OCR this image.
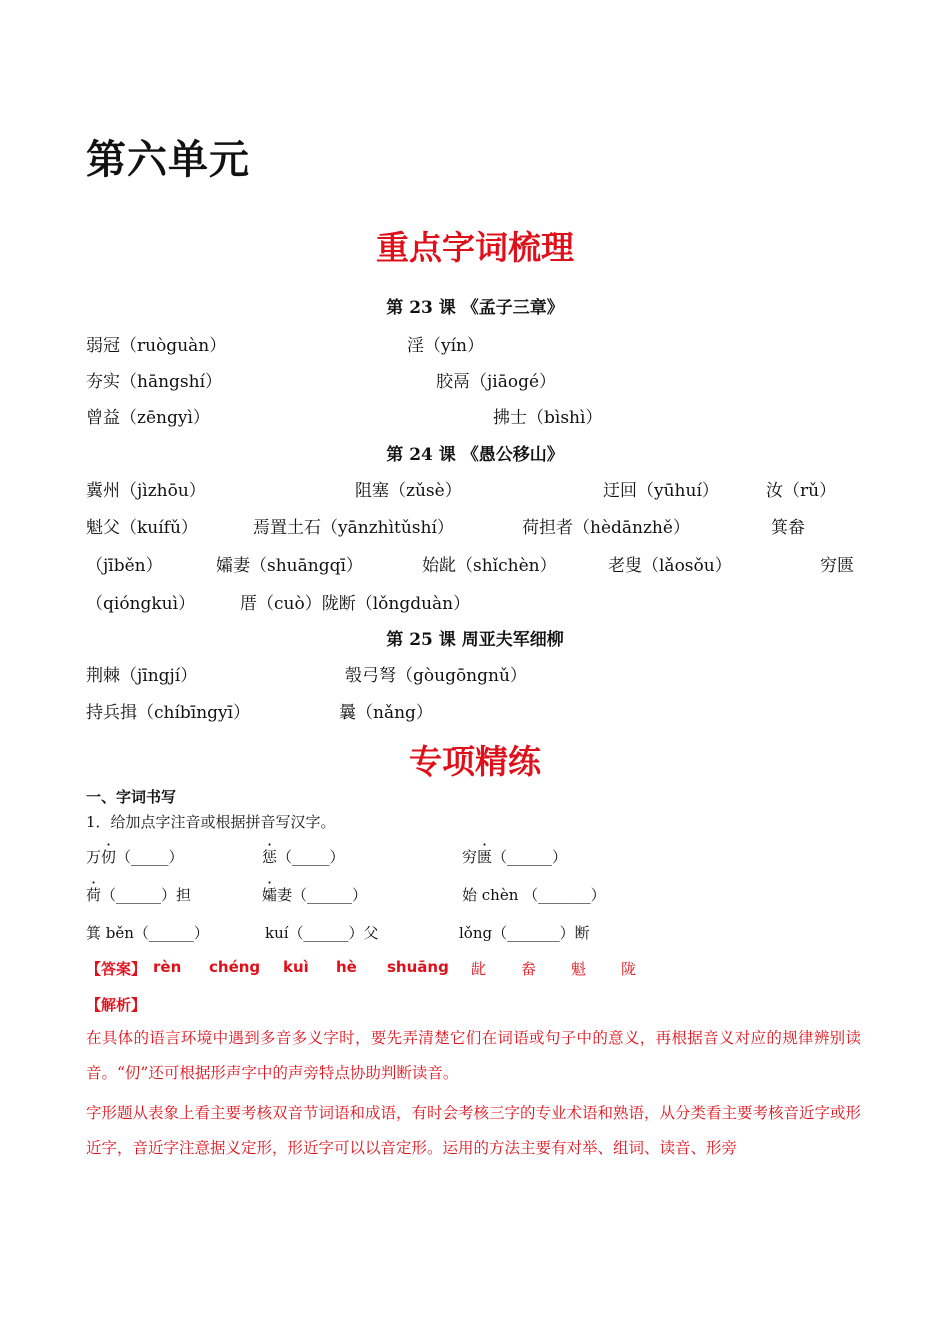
第六单元
重点字词梳理
第 23 课 《孟子三章》
弱冠（ruòguàn）	淫（yín）
夯实（hāngshí）	胶鬲（jiāogé）
曾益（zēngyì）	拂士（bìshì）
第 24 课 《愚公移山》
冀州（jìzhōu）	阻塞（zǔsè）	迂回（yūhuí）	汝（rǔ）
魁父（kuífǔ）	焉置土石（yānzhìtǔshí）	荷担者（hèdānzhě）	箕畚
（jīběn）	孀妻（shuāngqī）	始龀（shǐchèn）	老叟（lǎosǒu）	穷匮
（qióngkuì）	厝（cuò）陇断（lǒngduàn）
第 25 课 周亚夫军细柳
荆棘（jīngjí）	彀弓弩（gòugōngnǔ）
持兵揖（chíbīngyī）	曩（nǎng）
专项精练
一、字词书写
1．给加点字注音或根据拼音写汉字。
万仞（_____）	惩（_____）	穷匮（______）
荷（______）担	孀妻（______）	始 chèn （_______）
箕 běn（______）	kuí（______）父	lǒng（_______）断
【答案】 rèn chéng kuì hè shuāng 龀 畚 魁 陇
【解析】
在具体的语言环境中遇到多音多义字时，要先弄清楚它们在词语或句子中的意义，再根据音义对应的规律辨别读音。“仞”还可根据形声字中的声旁特点协助判断读音。
字形题从表象上看主要考核双音节词语和成语，有时会考核三字的专业术语和熟语，从分类看主要考核音近字或形近字，音近字注意据义定形，形近字可以以音定形。运用的方法主要有对举、组词、读音、形旁
